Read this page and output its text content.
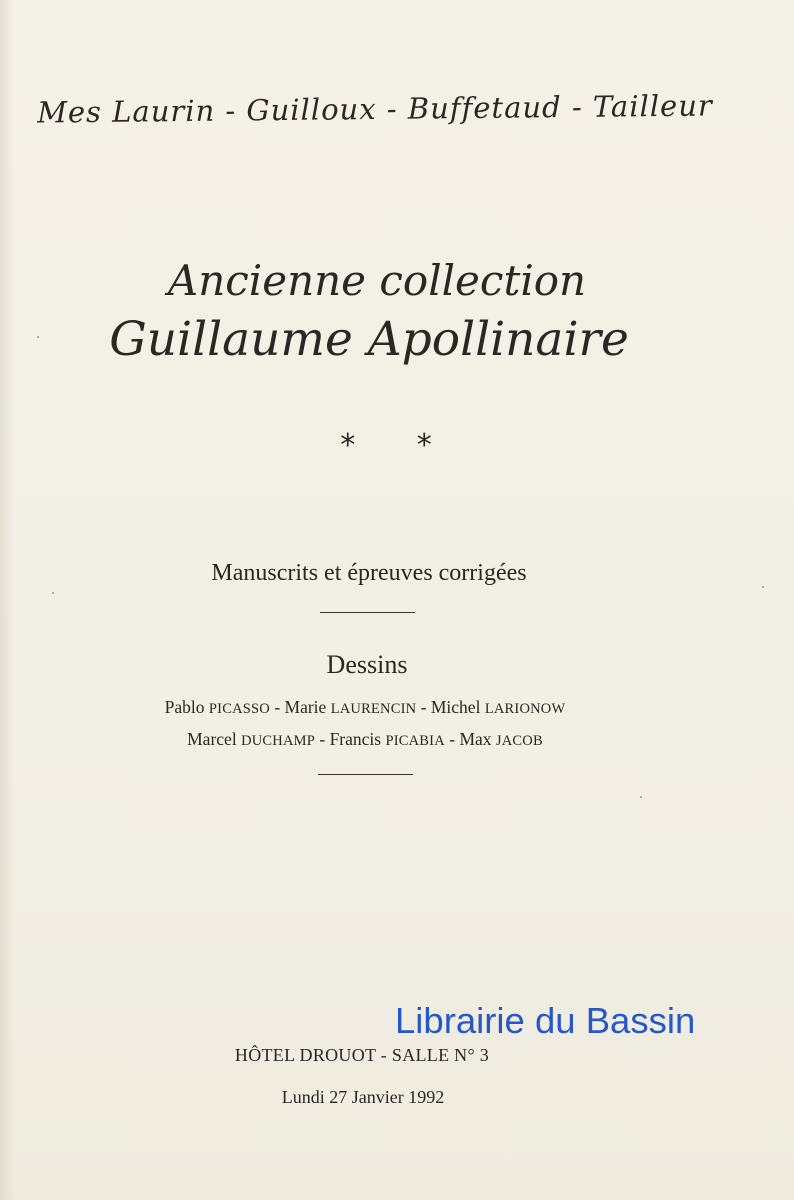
Mes Laurin - Guilloux - Buffetaud - Tailleur
Ancienne collection
Guillaume Apollinaire
* *
Manuscrits et épreuves corrigées
Dessins
Pablo PICASSO - Marie LAURENCIN - Michel LARIONOW
Marcel DUCHAMP - Francis PICABIA - Max JACOB
Librairie du Bassin
HÔTEL DROUOT - SALLE N° 3
Lundi 27 Janvier 1992
